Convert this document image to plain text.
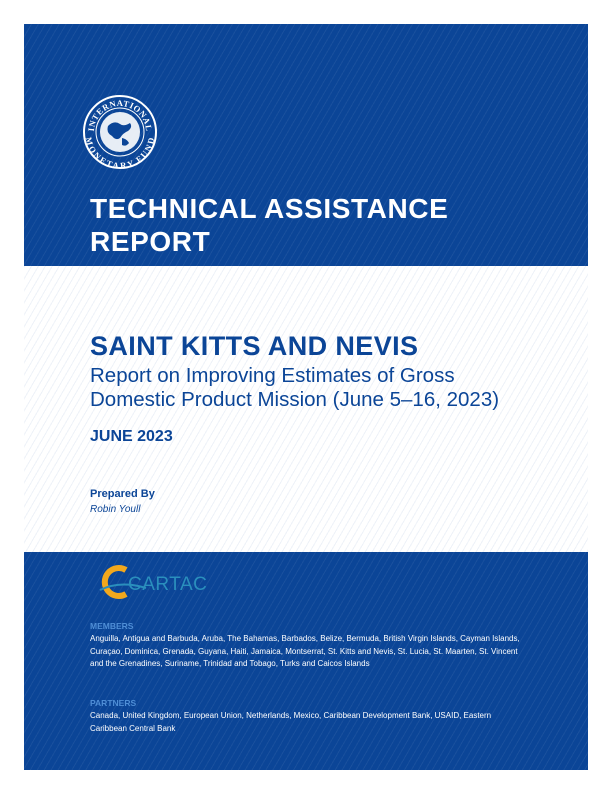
INTERNATIONAL
MONETARY FUND
TECHNICAL ASSISTANCE
REPORT
SAINT KITTS AND NEVIS

Report on Improving Estimates of Gross
Domestic Product Mission (June 5–16, 2023)

JUNE 2023

Prepared By

Robin Youll

CARTAC

MEMBERS

Anguilla, Antigua and Barbuda, Aruba, The Bahamas, Barbados, Belize, Bermuda, British Virgin Islands, Cayman Islands, Curaçao, Dominica, Grenada, Guyana, Haiti, Jamaica, Montserrat, St. Kitts and Nevis, St. Lucia, St. Maarten, St. Vincent and the Grenadines, Suriname, Trinidad and Tobago, Turks and Caicos Islands

PARTNERS

Canada, United Kingdom, European Union, Netherlands, Mexico, Caribbean Development Bank, USAID, Eastern Caribbean Central Bank
